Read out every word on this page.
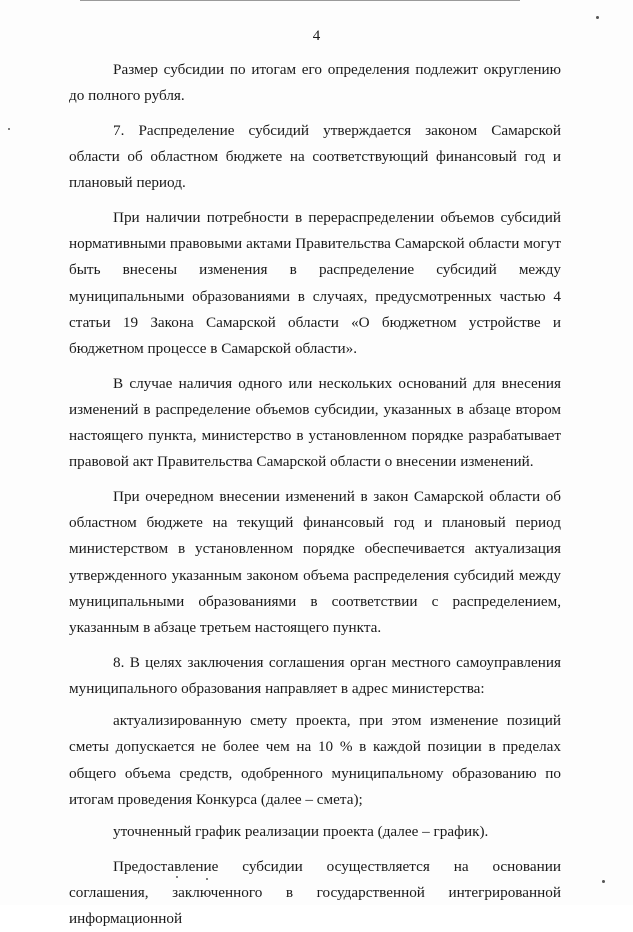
4

Размер субсидии по итогам его определения подлежит округлению до полного рубля.

7. Распределение субсидий утверждается законом Самарской области об областном бюджете на соответствующий финансовый год и плановый период.

При наличии потребности в перераспределении объемов субсидий нормативными правовыми актами Правительства Самарской области могут быть внесены изменения в распределение субсидий между муниципальными образованиями в случаях, предусмотренных частью 4 статьи 19 Закона Самарской области «О бюджетном устройстве и бюджетном процессе в Самарской области».

В случае наличия одного или нескольких оснований для внесения изменений в распределение объемов субсидии, указанных в абзаце втором настоящего пункта, министерство в установленном порядке разрабатывает правовой акт Правительства Самарской области о внесении изменений.

При очередном внесении изменений в закон Самарской области об областном бюджете на текущий финансовый год и плановый период министерством в установленном порядке обеспечивается актуализация утвержденного указанным законом объема распределения субсидий между муниципальными образованиями в соответствии с распределением, указанным в абзаце третьем настоящего пункта.

8. В целях заключения соглашения орган местного самоуправления муниципального образования направляет в адрес министерства:

актуализированную смету проекта, при этом изменение позиций сметы допускается не более чем на 10 % в каждой позиции в пределах общего объема средств, одобренного муниципальному образованию по итогам проведения Конкурса (далее – смета);

уточненный график реализации проекта (далее – график).

Предоставление субсидии осуществляется на основании соглашения, заключенного в государственной интегрированной информационной
